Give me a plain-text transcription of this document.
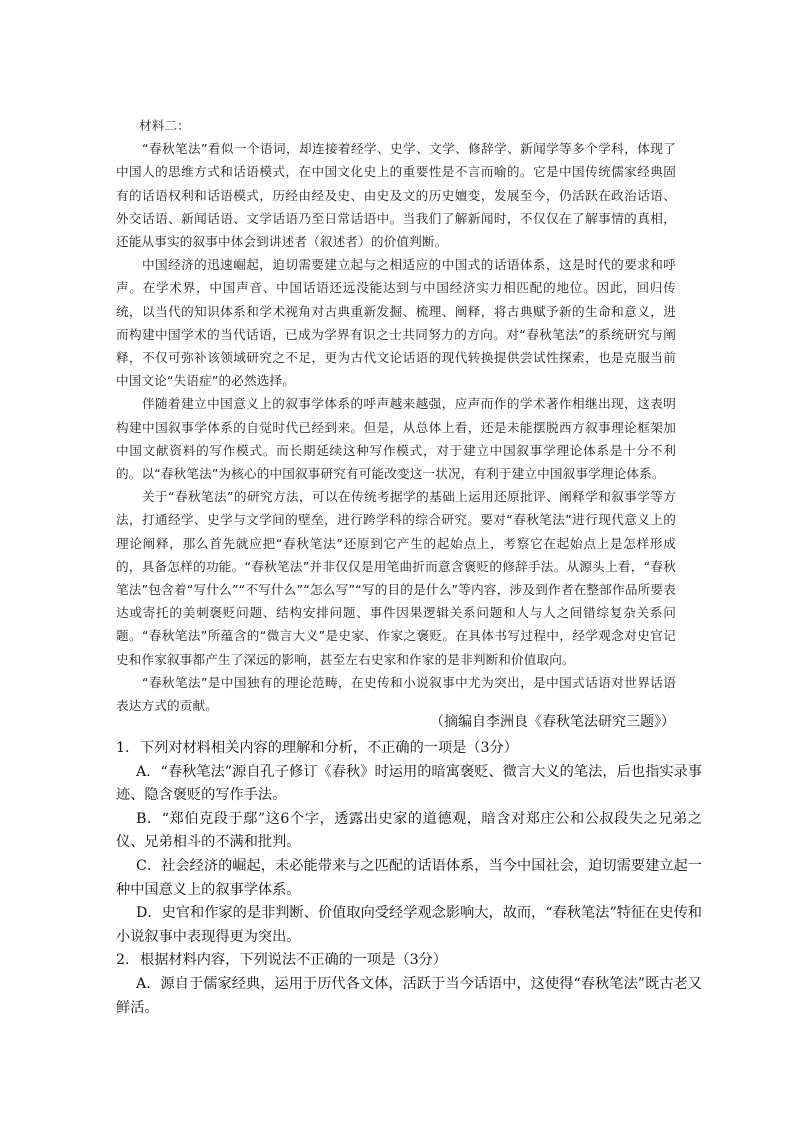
材料二：

“春秋笔法”看似一个语词，却连接着经学、史学、文学、修辞学、新闻学等多个学科，体现了中国人的思维方式和话语模式，在中国文化史上的重要性是不言而喻的。它是中国传统儒家经典固有的话语权利和话语模式，历经由经及史、由史及文的历史嬗变，发展至今，仍活跃在政治话语、外交话语、新闻话语、文学话语乃至日常话语中。当我们了解新闻时，不仅仅在了解事情的真相，还能从事实的叙事中体会到讲述者（叙述者）的价值判断。

中国经济的迅速崛起，迫切需要建立起与之相适应的中国式的话语体系，这是时代的要求和呼声。在学术界，中国声音、中国话语还远没能达到与中国经济实力相匹配的地位。因此，回归传统，以当代的知识体系和学术视角对古典重新发掘、梳理、阐释，将古典赋予新的生命和意义，进而构建中国学术的当代话语，已成为学界有识之士共同努力的方向。对“春秋笔法”的系统研究与阐释，不仅可弥补该领域研究之不足，更为古代文论话语的现代转换提供尝试性探索，也是克服当前中国文论“失语症”的必然选择。

伴随着建立中国意义上的叙事学体系的呼声越来越强，应声而作的学术著作相继出现，这表明构建中国叙事学体系的自觉时代已经到来。但是，从总体上看，还是未能摆脱西方叙事理论框架加中国文献资料的写作模式。而长期延续这种写作模式，对于建立中国叙事学理论体系是十分不利的。以“春秋笔法”为核心的中国叙事研究有可能改变这一状况，有利于建立中国叙事学理论体系。

关于“春秋笔法”的研究方法，可以在传统考据学的基础上运用还原批评、阐释学和叙事学等方法，打通经学、史学与文学间的壁垒，进行跨学科的综合研究。要对“春秋笔法”进行现代意义上的理论阐释，那么首先就应把“春秋笔法”还原到它产生的起始点上，考察它在起始点上是怎样形成的，具备怎样的功能。“春秋笔法”并非仅仅是用笔曲折而意含褒贬的修辞手法。从源头上看，“春秋笔法”包含着“写什么”“不写什么”“怎么写”“写的目的是什么”等内容，涉及到作者在整部作品所要表达或寄托的美刺褒贬问题、结构安排问题、事件因果逻辑关系问题和人与人之间错综复杂关系问题。“春秋笔法”所蕴含的“微言大义”是史家、作家之褒贬。在具体书写过程中，经学观念对史官记史和作家叙事都产生了深远的影响，甚至左右史家和作家的是非判断和价值取向。

“春秋笔法”是中国独有的理论范畴，在史传和小说叙事中尤为突出，是中国式话语对世界话语表达方式的贡献。

（摘编自李洲良《春秋笔法研究三题》）

1. 下列对材料相关内容的理解和分析，不正确的一项是（3分）

A．“春秋笔法”源自孔子修订《春秋》时运用的暗寓褒贬、微言大义的笔法，后也指实录事迹、隐含褒贬的写作手法。

B．“郑伯克段于鄢”这6个字，透露出史家的道德观，暗含对郑庄公和公叔段失之兄弟之仪、兄弟相斗的不满和批判。

C．社会经济的崛起，未必能带来与之匹配的话语体系，当今中国社会，迫切需要建立起一种中国意义上的叙事学体系。

D．史官和作家的是非判断、价值取向受经学观念影响大，故而，“春秋笔法”特征在史传和小说叙事中表现得更为突出。

2. 根据材料内容，下列说法不正确的一项是（3分）

A．源自于儒家经典，运用于历代各文体，活跃于当今话语中，这使得“春秋笔法”既古老又鲜活。
